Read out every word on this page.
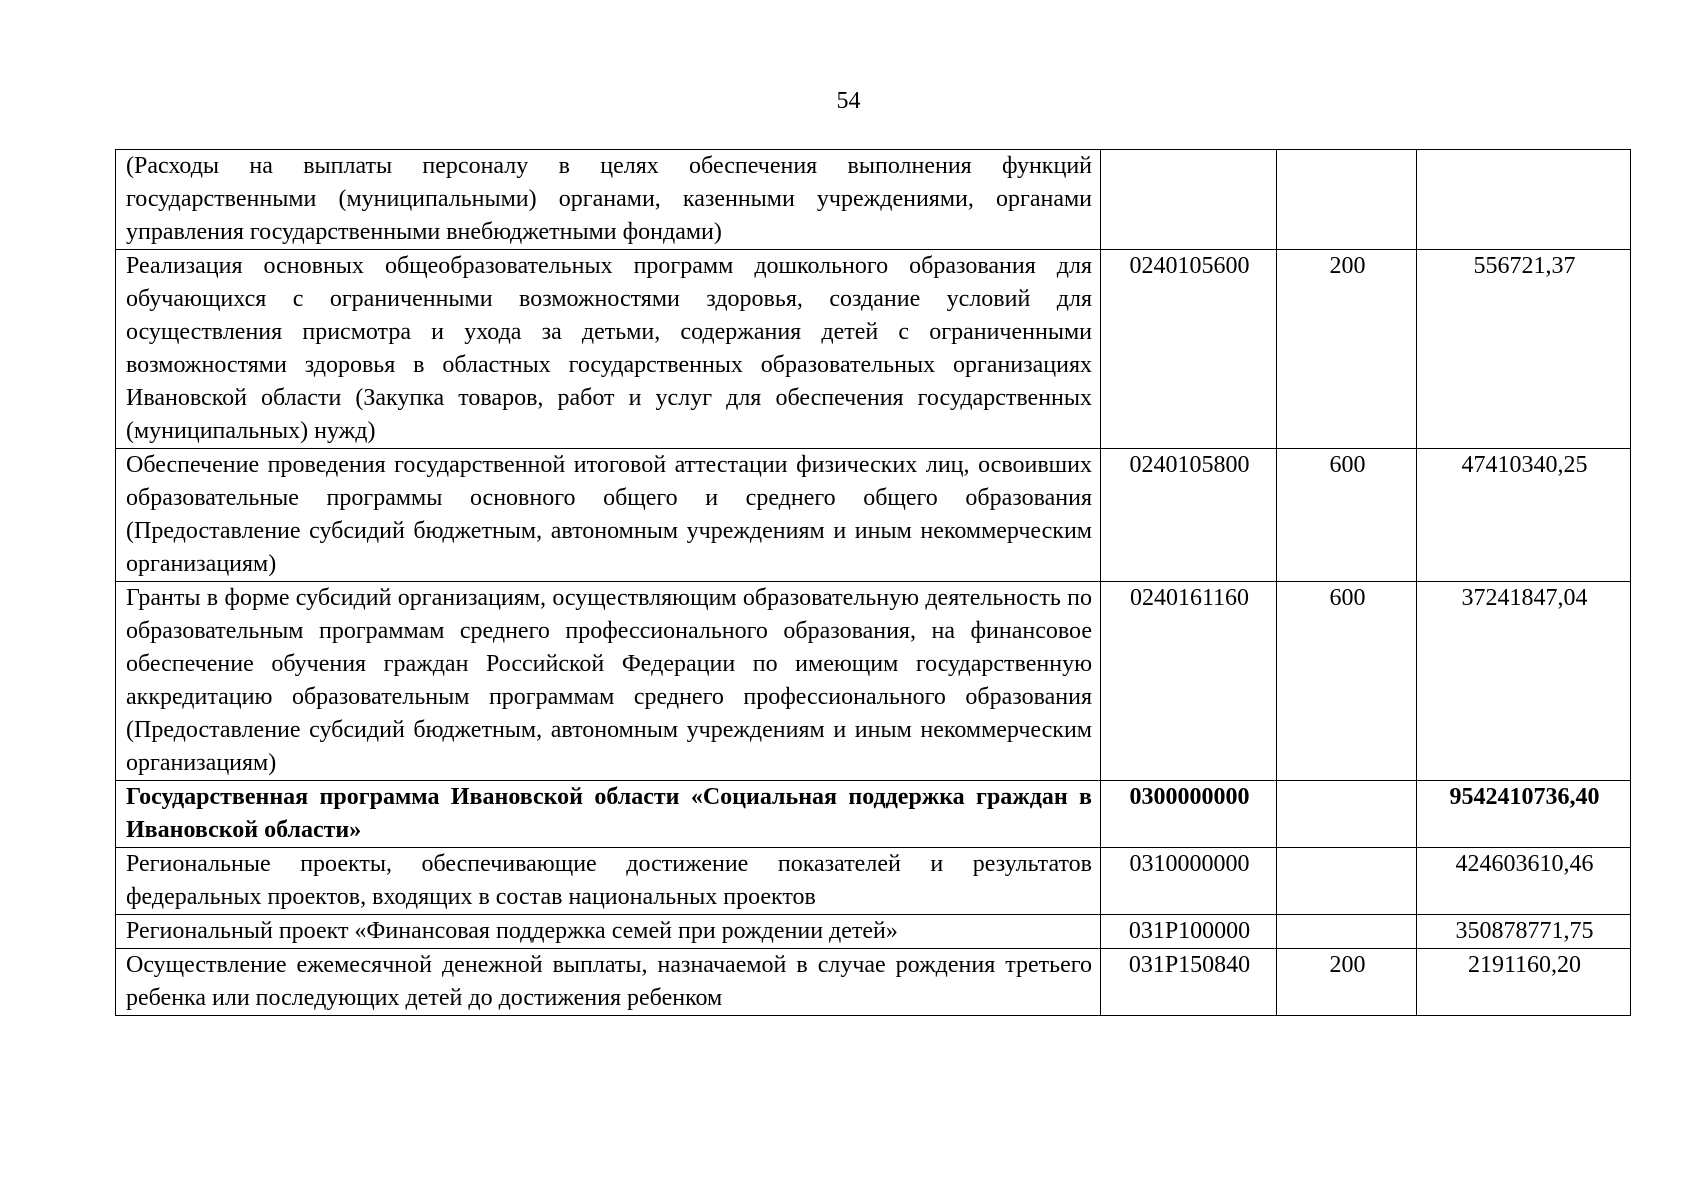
54
(Расходы на выплаты персоналу в целях обеспечения выполнения функций государственными (муниципальными) органами, казенными учреждениями, органами управления государственными внебюджетными фондами)			
Реализация основных общеобразовательных программ дошкольного образования для обучающихся с ограниченными возможностями здоровья, создание условий для осуществления присмотра и ухода за детьми, содержания детей с ограниченными возможностями здоровья в областных государственных образовательных организациях Ивановской области (Закупка товаров, работ и услуг для обеспечения государственных (муниципальных) нужд)	0240105600	200	556721,37
Обеспечение проведения государственной итоговой аттестации физических лиц, освоивших образовательные программы основного общего и среднего общего образования (Предоставление субсидий бюджетным, автономным учреждениям и иным некоммерческим организациям)	0240105800	600	47410340,25
Гранты в форме субсидий организациям, осуществляющим образовательную деятельность по образовательным программам среднего профессионального образования, на финансовое обеспечение обучения граждан Российской Федерации по имеющим государственную аккредитацию образовательным программам среднего профессионального образования (Предоставление субсидий бюджетным, автономным учреждениям и иным некоммерческим организациям)	0240161160	600	37241847,04
Государственная программа Ивановской области «Социальная поддержка граждан в Ивановской области»	0300000000		9542410736,40
Региональные проекты, обеспечивающие достижение показателей и результатов федеральных проектов, входящих в состав национальных проектов	0310000000		424603610,46
Региональный проект «Финансовая поддержка семей при рождении детей»	031P100000		350878771,75
Осуществление ежемесячной денежной выплаты, назначаемой в случае рождения третьего ребенка или последующих детей до достижения ребенком	031P150840	200	2191160,20
